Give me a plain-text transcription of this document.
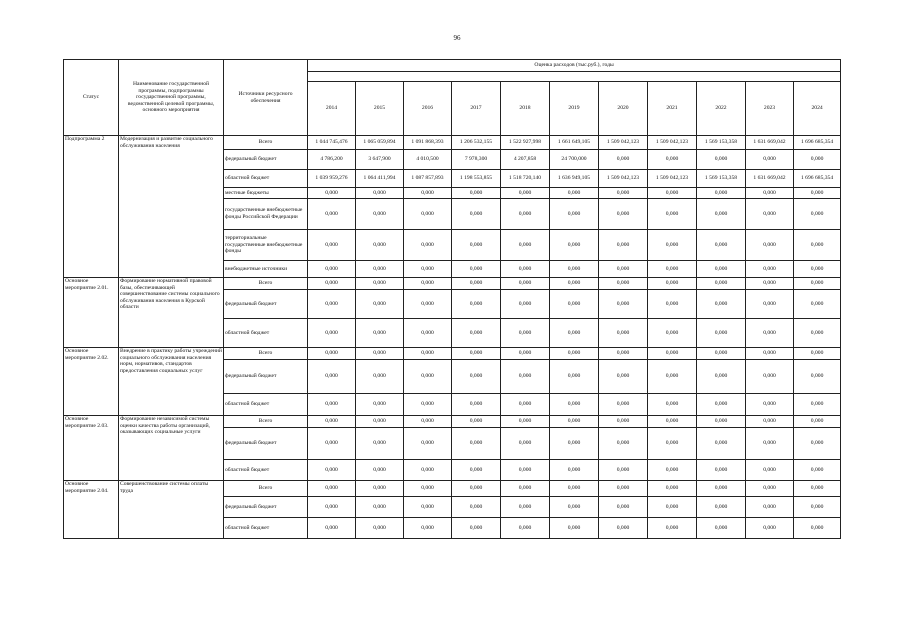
96
Статус	Наименование государственной программы, подпрограммы государственной программы, ведомственной целевой программы, основного мероприятия	Источники ресурсного обеспечения	Оценка расходов (тыс.руб.), годы										

			2014	2015	2016	2017	2018	2019	2020	2021	2022	2023	2024
Подпрограмма 2	Модернизация и развитие социального обслуживания населения	Всего	1 044 745,476	1 065 059,894	1 091 868,393	1 206 532,155	1 522 927,998	1 661 649,105	1 509 042,123	1 509 042,123	1 569 153,358	1 631 669,042	1 696 685,354
		федеральный бюджет	4 786,200	3 647,900	4 010,500	7 978,300	4 207,858	24 700,000	0,000	0,000	0,000	0,000	0,000
		областной бюджет	1 039 959,276	1 064 411,994	1 087 857,893	1 198 553,855	1 518 720,140	1 636 949,105	1 509 042,123	1 509 042,123	1 569 153,358	1 631 669,042	1 696 685,354
		местные бюджеты	0,000	0,000	0,000	0,000	0,000	0,000	0,000	0,000	0,000	0,000	0,000
		государственные внебюджетные фонды Российской Федерации	0,000	0,000	0,000	0,000	0,000	0,000	0,000	0,000	0,000	0,000	0,000
		территориальные государственные внебюджетные фонды	0,000	0,000	0,000	0,000	0,000	0,000	0,000	0,000	0,000	0,000	0,000
		внебюджетные источники	0,000	0,000	0,000	0,000	0,000	0,000	0,000	0,000	0,000	0,000	0,000
Основное мероприятие 2.01.	Формирование нормативной правовой базы, обеспечивающей совершенствование системы социального обслуживания населения в Курской области	Всего	0,000	0,000	0,000	0,000	0,000	0,000	0,000	0,000	0,000	0,000	0,000
		федеральный бюджет	0,000	0,000	0,000	0,000	0,000	0,000	0,000	0,000	0,000	0,000	0,000
		областной бюджет	0,000	0,000	0,000	0,000	0,000	0,000	0,000	0,000	0,000	0,000	0,000
Основное мероприятие 2.02.	Внедрение в практику работы учреждений социального обслуживания населения норм, нормативов, стандартов предоставления социальных услуг	Всего	0,000	0,000	0,000	0,000	0,000	0,000	0,000	0,000	0,000	0,000	0,000
		федеральный бюджет	0,000	0,000	0,000	0,000	0,000	0,000	0,000	0,000	0,000	0,000	0,000
		областной бюджет	0,000	0,000	0,000	0,000	0,000	0,000	0,000	0,000	0,000	0,000	0,000
Основное мероприятие 2.03.	Формирование независимой системы оценки качества работы организаций, оказывающих социальные услуги	Всего	0,000	0,000	0,000	0,000	0,000	0,000	0,000	0,000	0,000	0,000	0,000
		федеральный бюджет	0,000	0,000	0,000	0,000	0,000	0,000	0,000	0,000	0,000	0,000	0,000
		областной бюджет	0,000	0,000	0,000	0,000	0,000	0,000	0,000	0,000	0,000	0,000	0,000
Основное мероприятие 2.04.	Совершенствование системы оплаты труда	Всего	0,000	0,000	0,000	0,000	0,000	0,000	0,000	0,000	0,000	0,000	0,000
		федеральный бюджет	0,000	0,000	0,000	0,000	0,000	0,000	0,000	0,000	0,000	0,000	0,000
		областной бюджет	0,000	0,000	0,000	0,000	0,000	0,000	0,000	0,000	0,000	0,000	0,000
